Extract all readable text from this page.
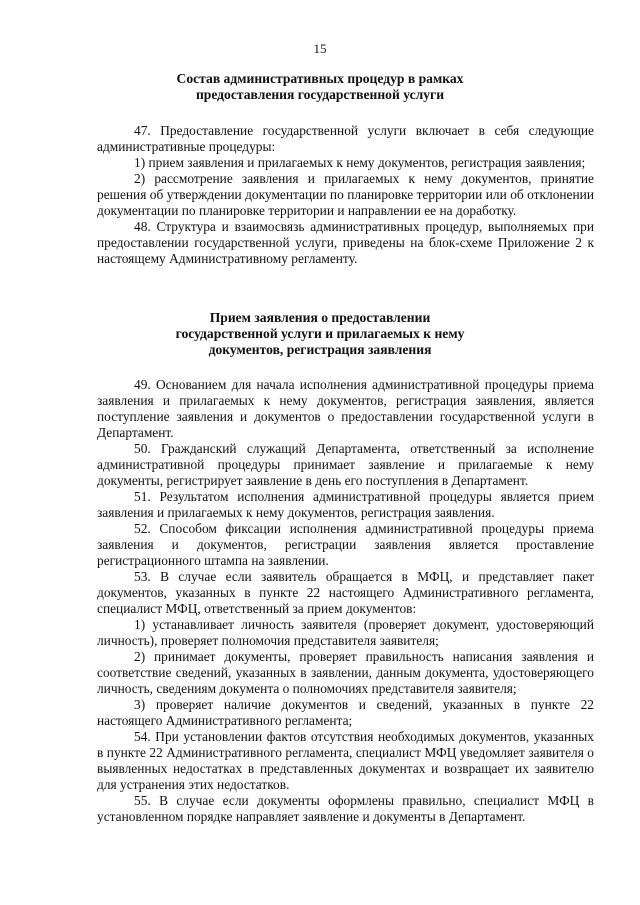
15
Состав административных процедур в рамках
предоставления государственной услуги

47. Предоставление государственной услуги включает в себя следующие административные процедуры:

1) прием заявления и прилагаемых к нему документов, регистрация заявления;

2) рассмотрение заявления и прилагаемых к нему документов, принятие решения об утверждении документации по планировке территории или об отклонении документации по планировке территории и направлении ее на доработку.

48. Структура и взаимосвязь административных процедур, выполняемых при предоставлении государственной услуги, приведены на блок-схеме Приложение 2 к настоящему Административному регламенту.

Прием заявления о предоставлении
государственной услуги и прилагаемых к нему
документов, регистрация заявления

49. Основанием для начала исполнения административной процедуры приема заявления и прилагаемых к нему документов, регистрация заявления, является поступление заявления и документов о предоставлении государственной услуги в Департамент.

50. Гражданский служащий Департамента, ответственный за исполнение административной процедуры принимает заявление и прилагаемые к нему документы, регистрирует заявление в день его поступления в Департамент.

51. Результатом исполнения административной процедуры является прием заявления и прилагаемых к нему документов, регистрация заявления.

52. Способом фиксации исполнения административной процедуры приема заявления и документов, регистрации заявления является проставление регистрационного штампа на заявлении.

53. В случае если заявитель обращается в МФЦ, и представляет пакет документов, указанных в пункте 22 настоящего Административного регламента, специалист МФЦ, ответственный за прием документов:

1) устанавливает личность заявителя (проверяет документ, удостоверяющий личность), проверяет полномочия представителя заявителя;

2) принимает документы, проверяет правильность написания заявления и соответствие сведений, указанных в заявлении, данным документа, удостоверяющего личность, сведениям документа о полномочиях представителя заявителя;

3) проверяет наличие документов и сведений, указанных в пункте 22 настоящего Административного регламента;

54. При установлении фактов отсутствия необходимых документов, указанных в пункте 22 Административного регламента, специалист МФЦ уведомляет заявителя о выявленных недостатках в представленных документах и возвращает их заявителю для устранения этих недостатков.

55. В случае если документы оформлены правильно, специалист МФЦ в установленном порядке направляет заявление и документы в Департамент.
